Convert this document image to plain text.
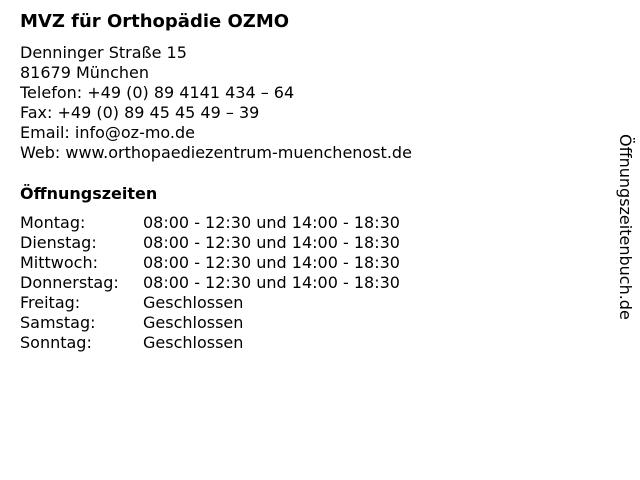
MVZ für Orthopädie OZMO
Denninger Straße 15
81679 München
Telefon: +49 (0) 89 4141 434 – 64
Fax: +49 (0) 89 45 45 49 – 39
Email: info@oz-mo.de
Web: www.orthopaediezentrum-muenchenost.de
Öffnungszeiten
Montag:	08:00 - 12:30 und 14:00 - 18:30
Dienstag:	08:00 - 12:30 und 14:00 - 18:30
Mittwoch:	08:00 - 12:30 und 14:00 - 18:30
Donnerstag:	08:00 - 12:30 und 14:00 - 18:30
Freitag:	Geschlossen
Samstag:	Geschlossen
Sonntag:	Geschlossen
Öffnungszeitenbuch.de
